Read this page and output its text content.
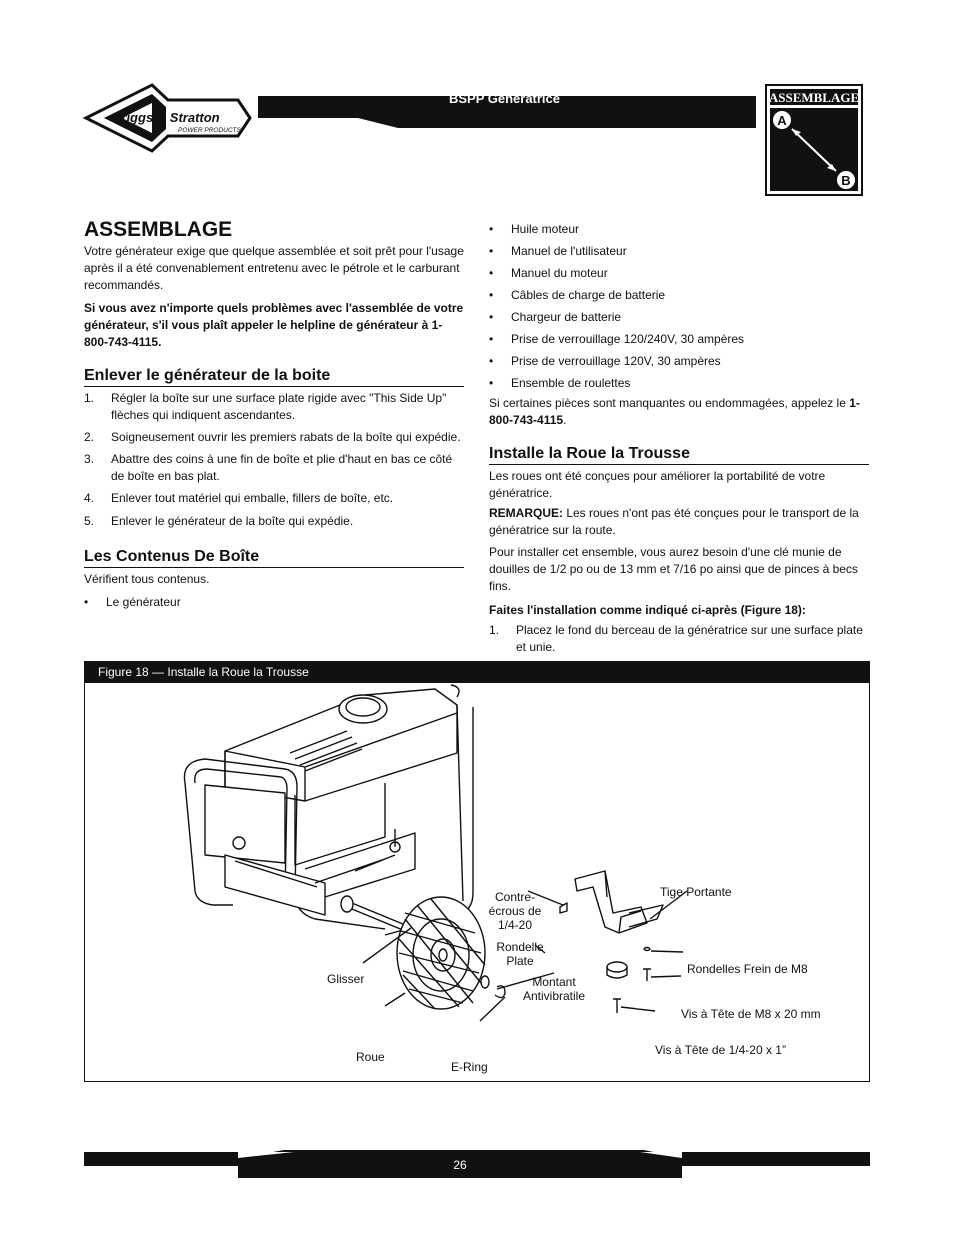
Briggs & Stratton
POWER PRODUCTS
BSPP Génératrice	ASSEMBLAGE
A
B
ASSEMBLAGE

Votre générateur exige que quelque assemblée et soit prêt pour l'usage après il a été convenablement entretenu avec le pétrole et le carburant recommandés.

Si vous avez n'importe quels problèmes avec l'assemblée de votre générateur, s'il vous plaît appeler le helpline de générateur à 1-800-743-4115.

Enlever le générateur de la boite
1.	Régler la boîte sur une surface plate rigide avec "This Side Up" flèches qui indiquent ascendantes.
2.	Soigneusement ouvrir les premiers rabats de la boîte qui expédie.
3.	Abattre des coins à une fin de boîte et plie d'haut en bas ce côté de boîte en bas plat.
4.	Enlever tout matériel qui emballe, fillers de boîte, etc.
5.	Enlever le générateur de la boîte qui expédie.
Les Contenus De Boîte

Vérifient tous contenus.

•	Le générateur
•	Huile moteur
•	Manuel de l'utilisateur
•	Manuel du moteur
•	Câbles de charge de batterie
•	Chargeur de batterie
•	Prise de verrouillage 120/240V, 30 ampères
•	Prise de verrouillage 120V, 30 ampères
•	Ensemble de roulettes

Si certaines pièces sont manquantes ou endommagées, appelez le 1-800-743-4115.

Installe la Roue la Trousse

Les roues ont été conçues pour améliorer la portabilité de votre génératrice.

REMARQUE: Les roues n'ont pas été conçues pour le transport de la génératrice sur la route.

Pour installer cet ensemble, vous aurez besoin d'une clé munie de douilles de 1/2 po ou de 13 mm et 7/16 po ainsi que de pinces à becs fins.

Faites l'installation comme indiqué ci-après (Figure 18):

1.	Placez le fond du berceau de la génératrice sur une surface plate et unie.
Figure 18 — Installe la Roue la Trousse
Contre-
écrous de
1/4-20
Tige Portante
Rondelle
Plate
Rondelles Frein de M8
Glisser	Montant
Antivibratile
Vis à Tête de M8 x 20 mm
Vis à Tête de 1/4-20 x 1”
Roue
E-Ring
26
